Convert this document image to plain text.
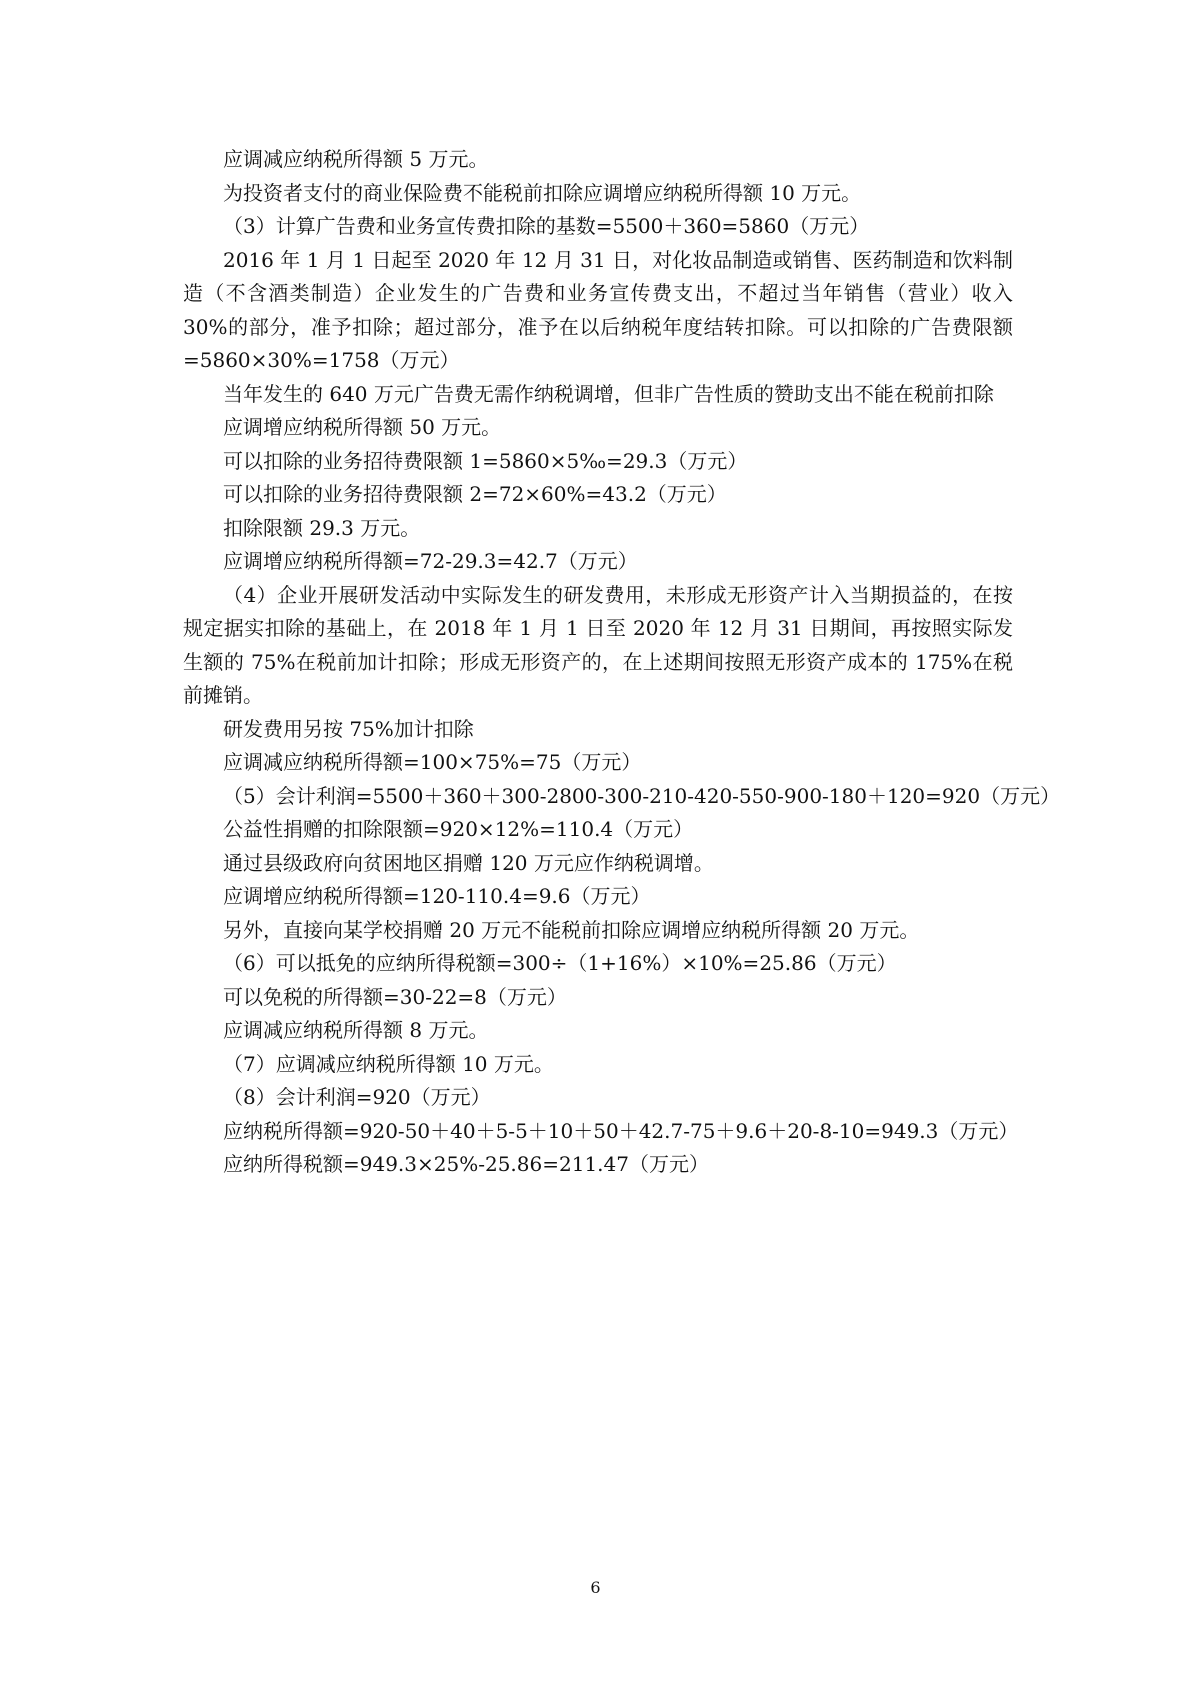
应调减应纳税所得额 5 万元。
为投资者支付的商业保险费不能税前扣除应调增应纳税所得额 10 万元。
（3）计算广告费和业务宣传费扣除的基数=5500＋360=5860（万元）
2016 年 1 月 1 日起至 2020 年 12 月 31 日，对化妆品制造或销售、医药制造和饮料制造（不含酒类制造）企业发生的广告费和业务宣传费支出，不超过当年销售（营业）收入 30%的部分，准予扣除；超过部分，准予在以后纳税年度结转扣除。可以扣除的广告费限额=5860×30%=1758（万元）
当年发生的 640 万元广告费无需作纳税调增，但非广告性质的赞助支出不能在税前扣除
应调增应纳税所得额 50 万元。
可以扣除的业务招待费限额 1=5860×5‰=29.3（万元）
可以扣除的业务招待费限额 2=72×60%=43.2（万元）
扣除限额 29.3 万元。
应调增应纳税所得额=72-29.3=42.7（万元）
（4）企业开展研发活动中实际发生的研发费用，未形成无形资产计入当期损益的，在按规定据实扣除的基础上，在 2018 年 1 月 1 日至 2020 年 12 月 31 日期间，再按照实际发生额的 75%在税前加计扣除；形成无形资产的，在上述期间按照无形资产成本的 175%在税前摊销。
研发费用另按 75%加计扣除
应调减应纳税所得额=100×75%=75（万元）
（5）会计利润=5500＋360＋300-2800-300-210-420-550-900-180＋120=920（万元）
公益性捐赠的扣除限额=920×12%=110.4（万元）
通过县级政府向贫困地区捐赠 120 万元应作纳税调增。
应调增应纳税所得额=120-110.4=9.6（万元）
另外，直接向某学校捐赠 20 万元不能税前扣除应调增应纳税所得额 20 万元。
（6）可以抵免的应纳所得税额=300÷（1+16%）×10%=25.86（万元）
可以免税的所得额=30-22=8（万元）
应调减应纳税所得额 8 万元。
（7）应调减应纳税所得额 10 万元。
（8）会计利润=920（万元）
应纳税所得额=920-50＋40＋5-5＋10＋50＋42.7-75＋9.6＋20-8-10=949.3（万元）
应纳所得税额=949.3×25%-25.86=211.47（万元）
6
